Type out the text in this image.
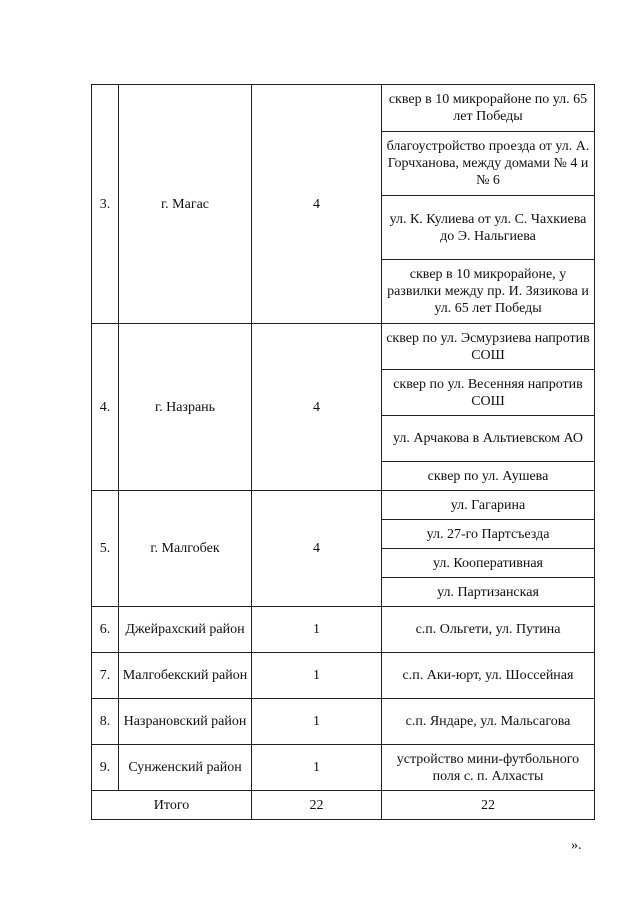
3.	г. Магас	4	сквер в 10 микрорайоне по ул. 65 лет Победы
			благоустройство проезда от ул. А. Горчханова, между домами № 4 и № 6
			ул. К. Кулиева от ул. С. Чахкиева до Э. Нальгиева
			сквер в 10 микрорайоне, у развилки между пр. И. Зязикова и ул. 65 лет Победы
4.	г. Назрань	4	сквер по ул. Эсмурзиева напротив СОШ
			сквер по ул. Весенняя напротив СОШ
			ул. Арчакова в Альтиевском АО
			сквер по ул. Аушева
5.	г. Малгобек	4	ул. Гагарина
			ул. 27-го Партсъезда
			ул. Кооперативная
			ул. Партизанская
6.	Джейрахский район	1	с.п. Ольгети, ул. Путина
7.	Малгобекский район	1	с.п. Аки-юрт, ул. Шоссейная
8.	Назрановский район	1	с.п. Яндаре, ул. Мальсагова
9.	Сунженский район	1	устройство мини-футбольного поля с. п. Алхасты
Итого		22	22
».
